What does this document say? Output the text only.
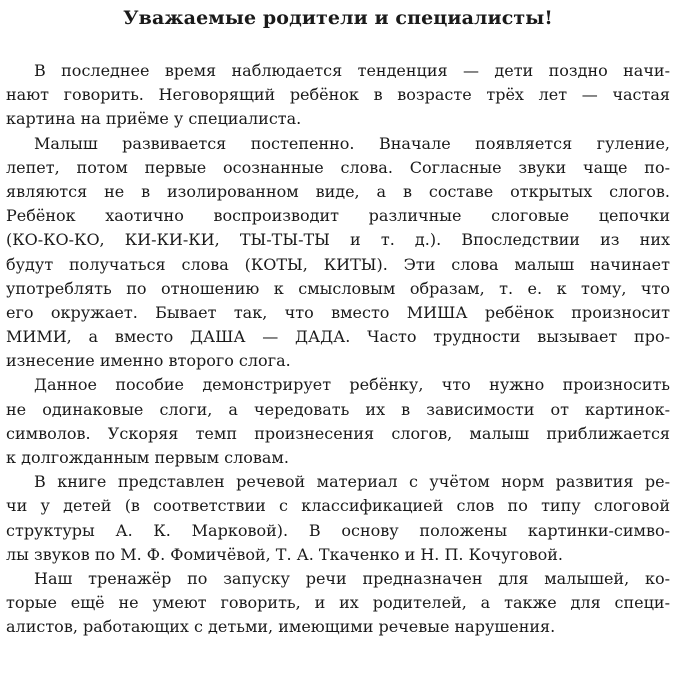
Уважаемые родители и специалисты!
В последнее время наблюдается тенденция — дети поздно начи-
нают говорить. Неговорящий ребёнок в возрасте трёх лет — частая
картина на приёме у специалиста.
Малыш развивается постепенно. Вначале появляется гуление,
лепет, потом первые осознанные слова. Согласные звуки чаще по-
являются не в изолированном виде, а в составе открытых слогов.
Ребёнок хаотично воспроизводит различные слоговые цепочки
(КО-КО-КО, КИ-КИ-КИ, ТЫ-ТЫ-ТЫ и т. д.). Впоследствии из них
будут получаться слова (КОТЫ, КИТЫ). Эти слова малыш начинает
употреблять по отношению к смысловым образам, т. е. к тому, что
его окружает. Бывает так, что вместо МИША ребёнок произносит
МИМИ, а вместо ДАША — ДАДА. Часто трудности вызывает про-
изнесение именно второго слога.
Данное пособие демонстрирует ребёнку, что нужно произносить
не одинаковые слоги, а чередовать их в зависимости от картинок-
символов. Ускоряя темп произнесения слогов, малыш приближается
к долгожданным первым словам.
В книге представлен речевой материал с учётом норм развития ре-
чи у детей (в соответствии с классификацией слов по типу слоговой
структуры А. К. Марковой). В основу положены картинки-симво-
лы звуков по М. Ф. Фомичёвой, Т. А. Ткаченко и Н. П. Кочуговой.
Наш тренажёр по запуску речи предназначен для малышей, ко-
торые ещё не умеют говорить, и их родителей, а также для специ-
алистов, работающих с детьми, имеющими речевые нарушения.
